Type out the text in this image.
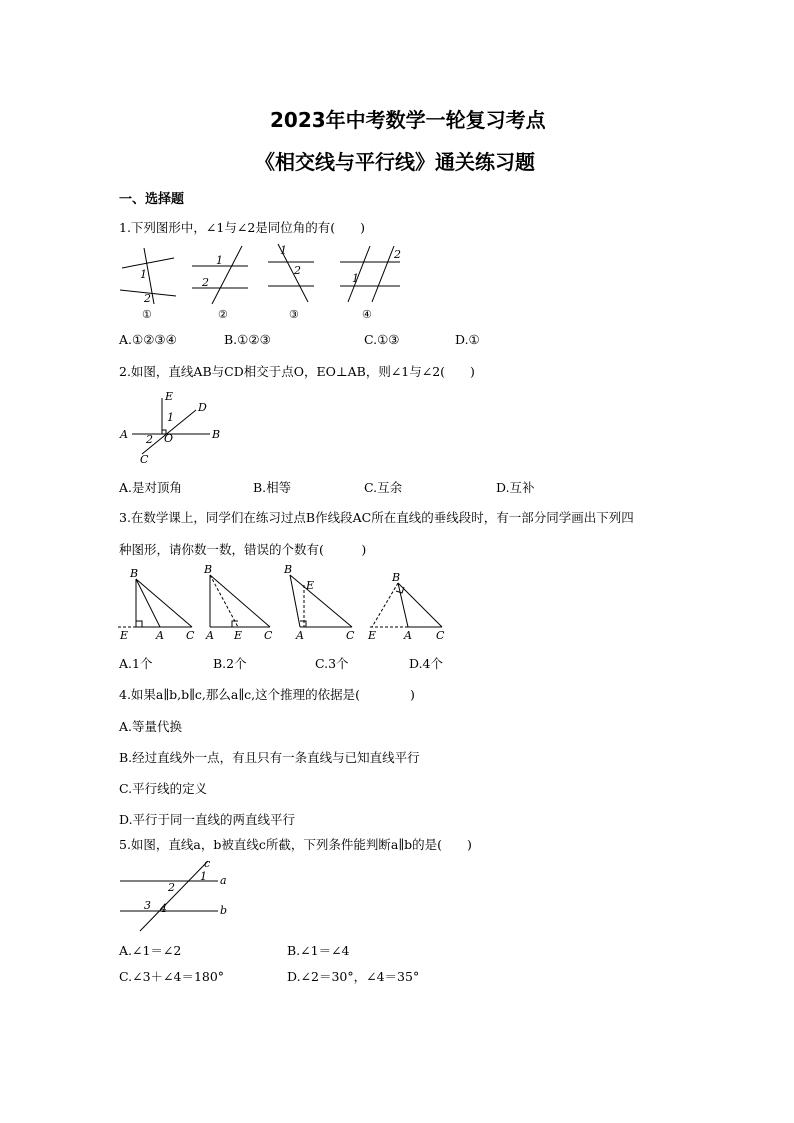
2023年中考数学一轮复习考点
《相交线与平行线》通关练习题
一、选择题
1.下列图形中，∠1与∠2是同位角的有(　　)
1
2
1
2
1
2
2
1
①	②	③	④
A.①②③④	B.①②③	C.①③	D.①
2.如图，直线AB与CD相交于点O，EO⊥AB，则∠1与∠2(　　)
E
D
A	B
O
C
1
2
A.是对顶角	B.相等	C.互余	D.互补
3.在数学课上，同学们在练习过点B作线段AC所在直线的垂线段时，有一部分同学画出下列四
种图形，请你数一数，错误的个数有(　　　)
B
E	A C
B
A E C
B
E
A	C
B
E	A C
A.1个	B.2个	C.3个	D.4个
4.如果a∥b,b∥c,那么a∥c,这个推理的依据是(　　　　)
A.等量代换
B.经过直线外一点，有且只有一条直线与已知直线平行
C.平行线的定义
D.平行于同一直线的两直线平行
5.如图，直线a，b被直线c所截，下列条件能判断a∥b的是(　　)
c
a
b
1
2
3 4
A.∠1＝∠2	B.∠1＝∠4
C.∠3＋∠4＝180°	D.∠2＝30°，∠4＝35°
